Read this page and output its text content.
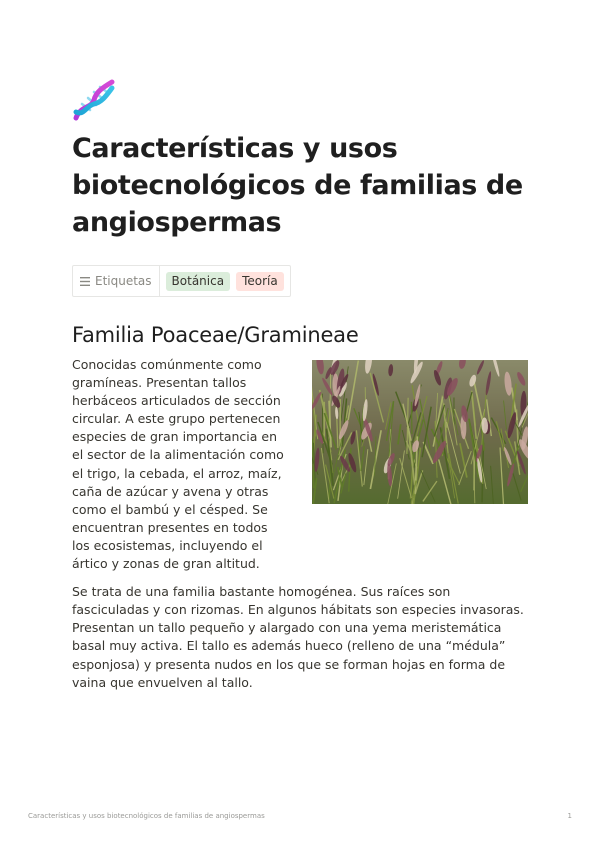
Características y usos biotecnológicos de familias de angiospermas
Etiquetas	Botánica	Teoría
Familia Poaceae/Gramineae

Conocidas comúnmente como gramíneas. Presentan tallos herbáceos articulados de sección circular. A este grupo pertenecen especies de gran importancia en el sector de la alimentación como el trigo, la cebada, el arroz, maíz, caña de azúcar y avena y otras como el bambú y el césped. Se encuentran presentes en todos los ecosistemas, incluyendo el ártico y zonas de gran altitud.

Se trata de una familia bastante homogénea. Sus raíces son fasciculadas y con rizomas. En algunos hábitats son especies invasoras. Presentan un tallo pequeño y alargado con una yema meristemática basal muy activa. El tallo es además hueco (relleno de una “médula” esponjosa) y presenta nudos en los que se forman hojas en forma de vaina que envuelven al tallo.

Características y usos biotecnológicos de familias de angiospermas	1
